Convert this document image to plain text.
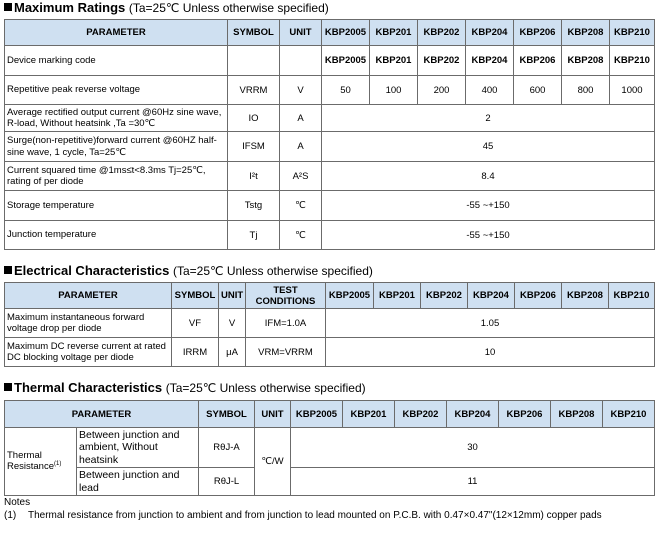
Maximum Ratings (Ta=25℃ Unless otherwise specified)
PARAMETER	SYMBOL	UNIT	KBP2005	KBP201	KBP202	KBP204	KBP206	KBP208	KBP210
Device marking code			KBP2005	KBP201	KBP202	KBP204	KBP206	KBP208	KBP210
Repetitive peak reverse voltage	VRRM	V	50	100	200	400	600	800	1000
Average rectified output current @60Hz sine wave, R-load, Without heatsink ,Ta =30℃	IO	A	2						
Surge(non-repetitive)forward current @60HZ half-sine wave, 1 cycle, Ta=25℃	IFSM	A	45						
Current squared time @1ms≤t<8.3ms Tj=25℃, rating of per diode	I²t	A²S	8.4						
Storage temperature	Tstg	℃	-55 ~+150						
Junction temperature	Tj	℃	-55 ~+150						
Electrical Characteristics (Ta=25℃ Unless otherwise specified)
PARAMETER	SYMBOL	UNIT	TEST CONDITIONS	KBP2005	KBP201	KBP202	KBP204	KBP206	KBP208	KBP210
Maximum instantaneous forward voltage drop per diode	VF	V	IFM=1.0A	1.05						
Maximum DC reverse current at rated DC blocking voltage per diode	IRRM	μA	VRM=VRRM	10						
Thermal Characteristics (Ta=25℃ Unless otherwise specified)
PARAMETER		SYMBOL	UNIT	KBP2005	KBP201	KBP202	KBP204	KBP206	KBP208	KBP210
Thermal Resistance$^{(1)}$	Between junction and ambient, Without heatsink	RθJ-A	℃/W	30						
	Between junction and lead	RθJ-L		11						
Notes
(1)	Thermal resistance from junction to ambient and from junction to lead mounted on P.C.B. with 0.47×0.47"(12×12mm) copper pads
